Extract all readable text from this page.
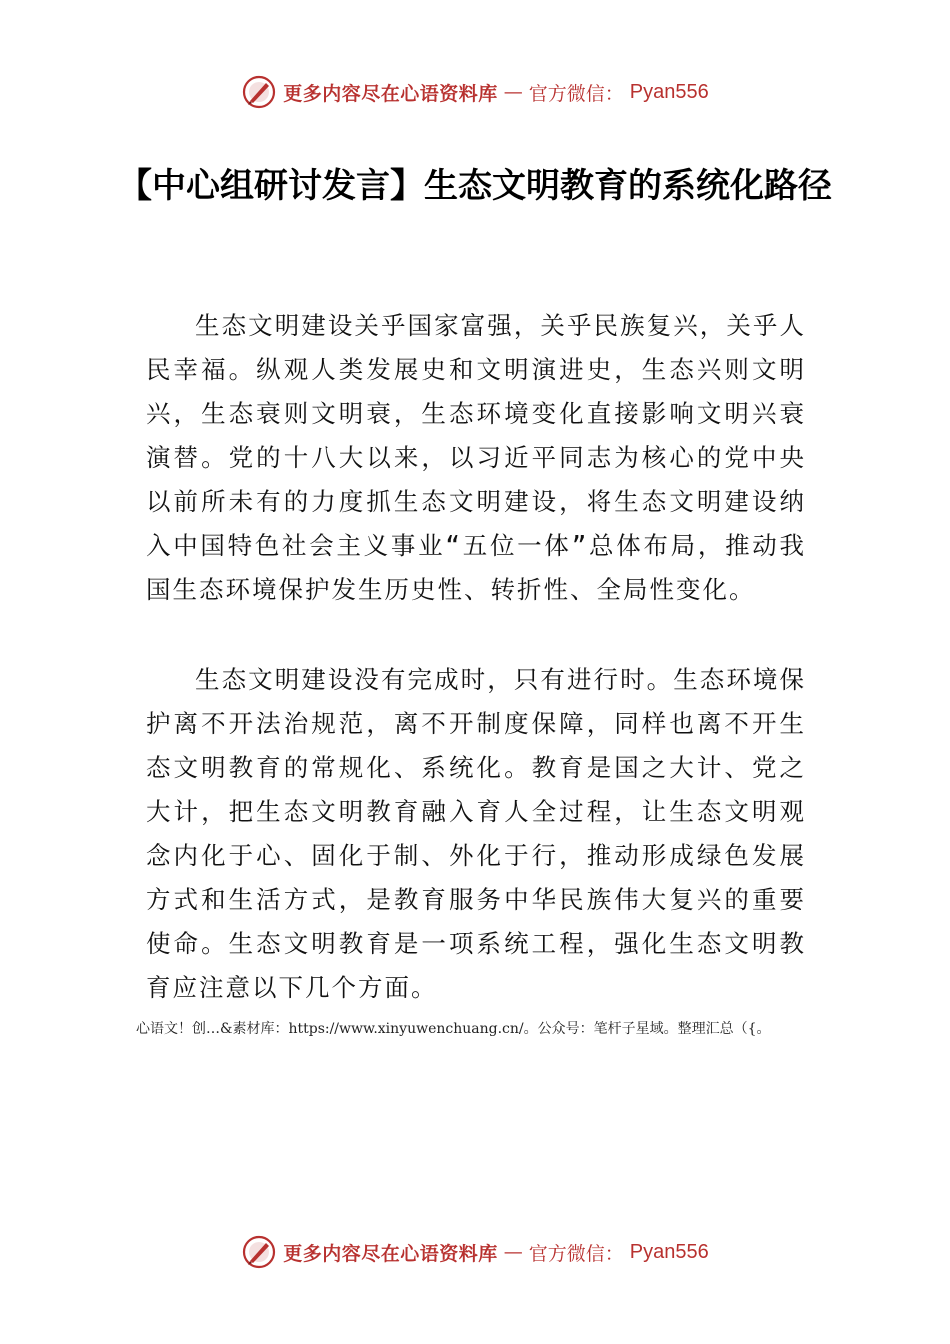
更多内容尽在心语资料库 — 官方微信： Pyan556
【中心组研讨发言】生态文明教育的系统化路径

生态文明建设关乎国家富强，关乎民族复兴，关乎人民幸福。纵观人类发展史和文明演进史，生态兴则文明兴，生态衰则文明衰，生态环境变化直接影响文明兴衰演替。党的十八大以来，以习近平同志为核心的党中央以前所未有的力度抓生态文明建设，将生态文明建设纳入中国特色社会主义事业“五位一体”总体布局，推动我国生态环境保护发生历史性、转折性、全局性变化。

生态文明建设没有完成时，只有进行时。生态环境保护离不开法治规范，离不开制度保障，同样也离不开生态文明教育的常规化、系统化。教育是国之大计、党之大计，把生态文明教育融入育人全过程，让生态文明观念内化于心、固化于制、外化于行，推动形成绿色发展方式和生活方式，是教育服务中华民族伟大复兴的重要使命。生态文明教育是一项系统工程，强化生态文明教育应注意以下几个方面。

心语文！创…&素材库：https://www.xinyuwenchuang.cn/。公众号：笔杆子星域。整理汇总（{。

更多内容尽在心语资料库 — 官方微信： Pyan556
